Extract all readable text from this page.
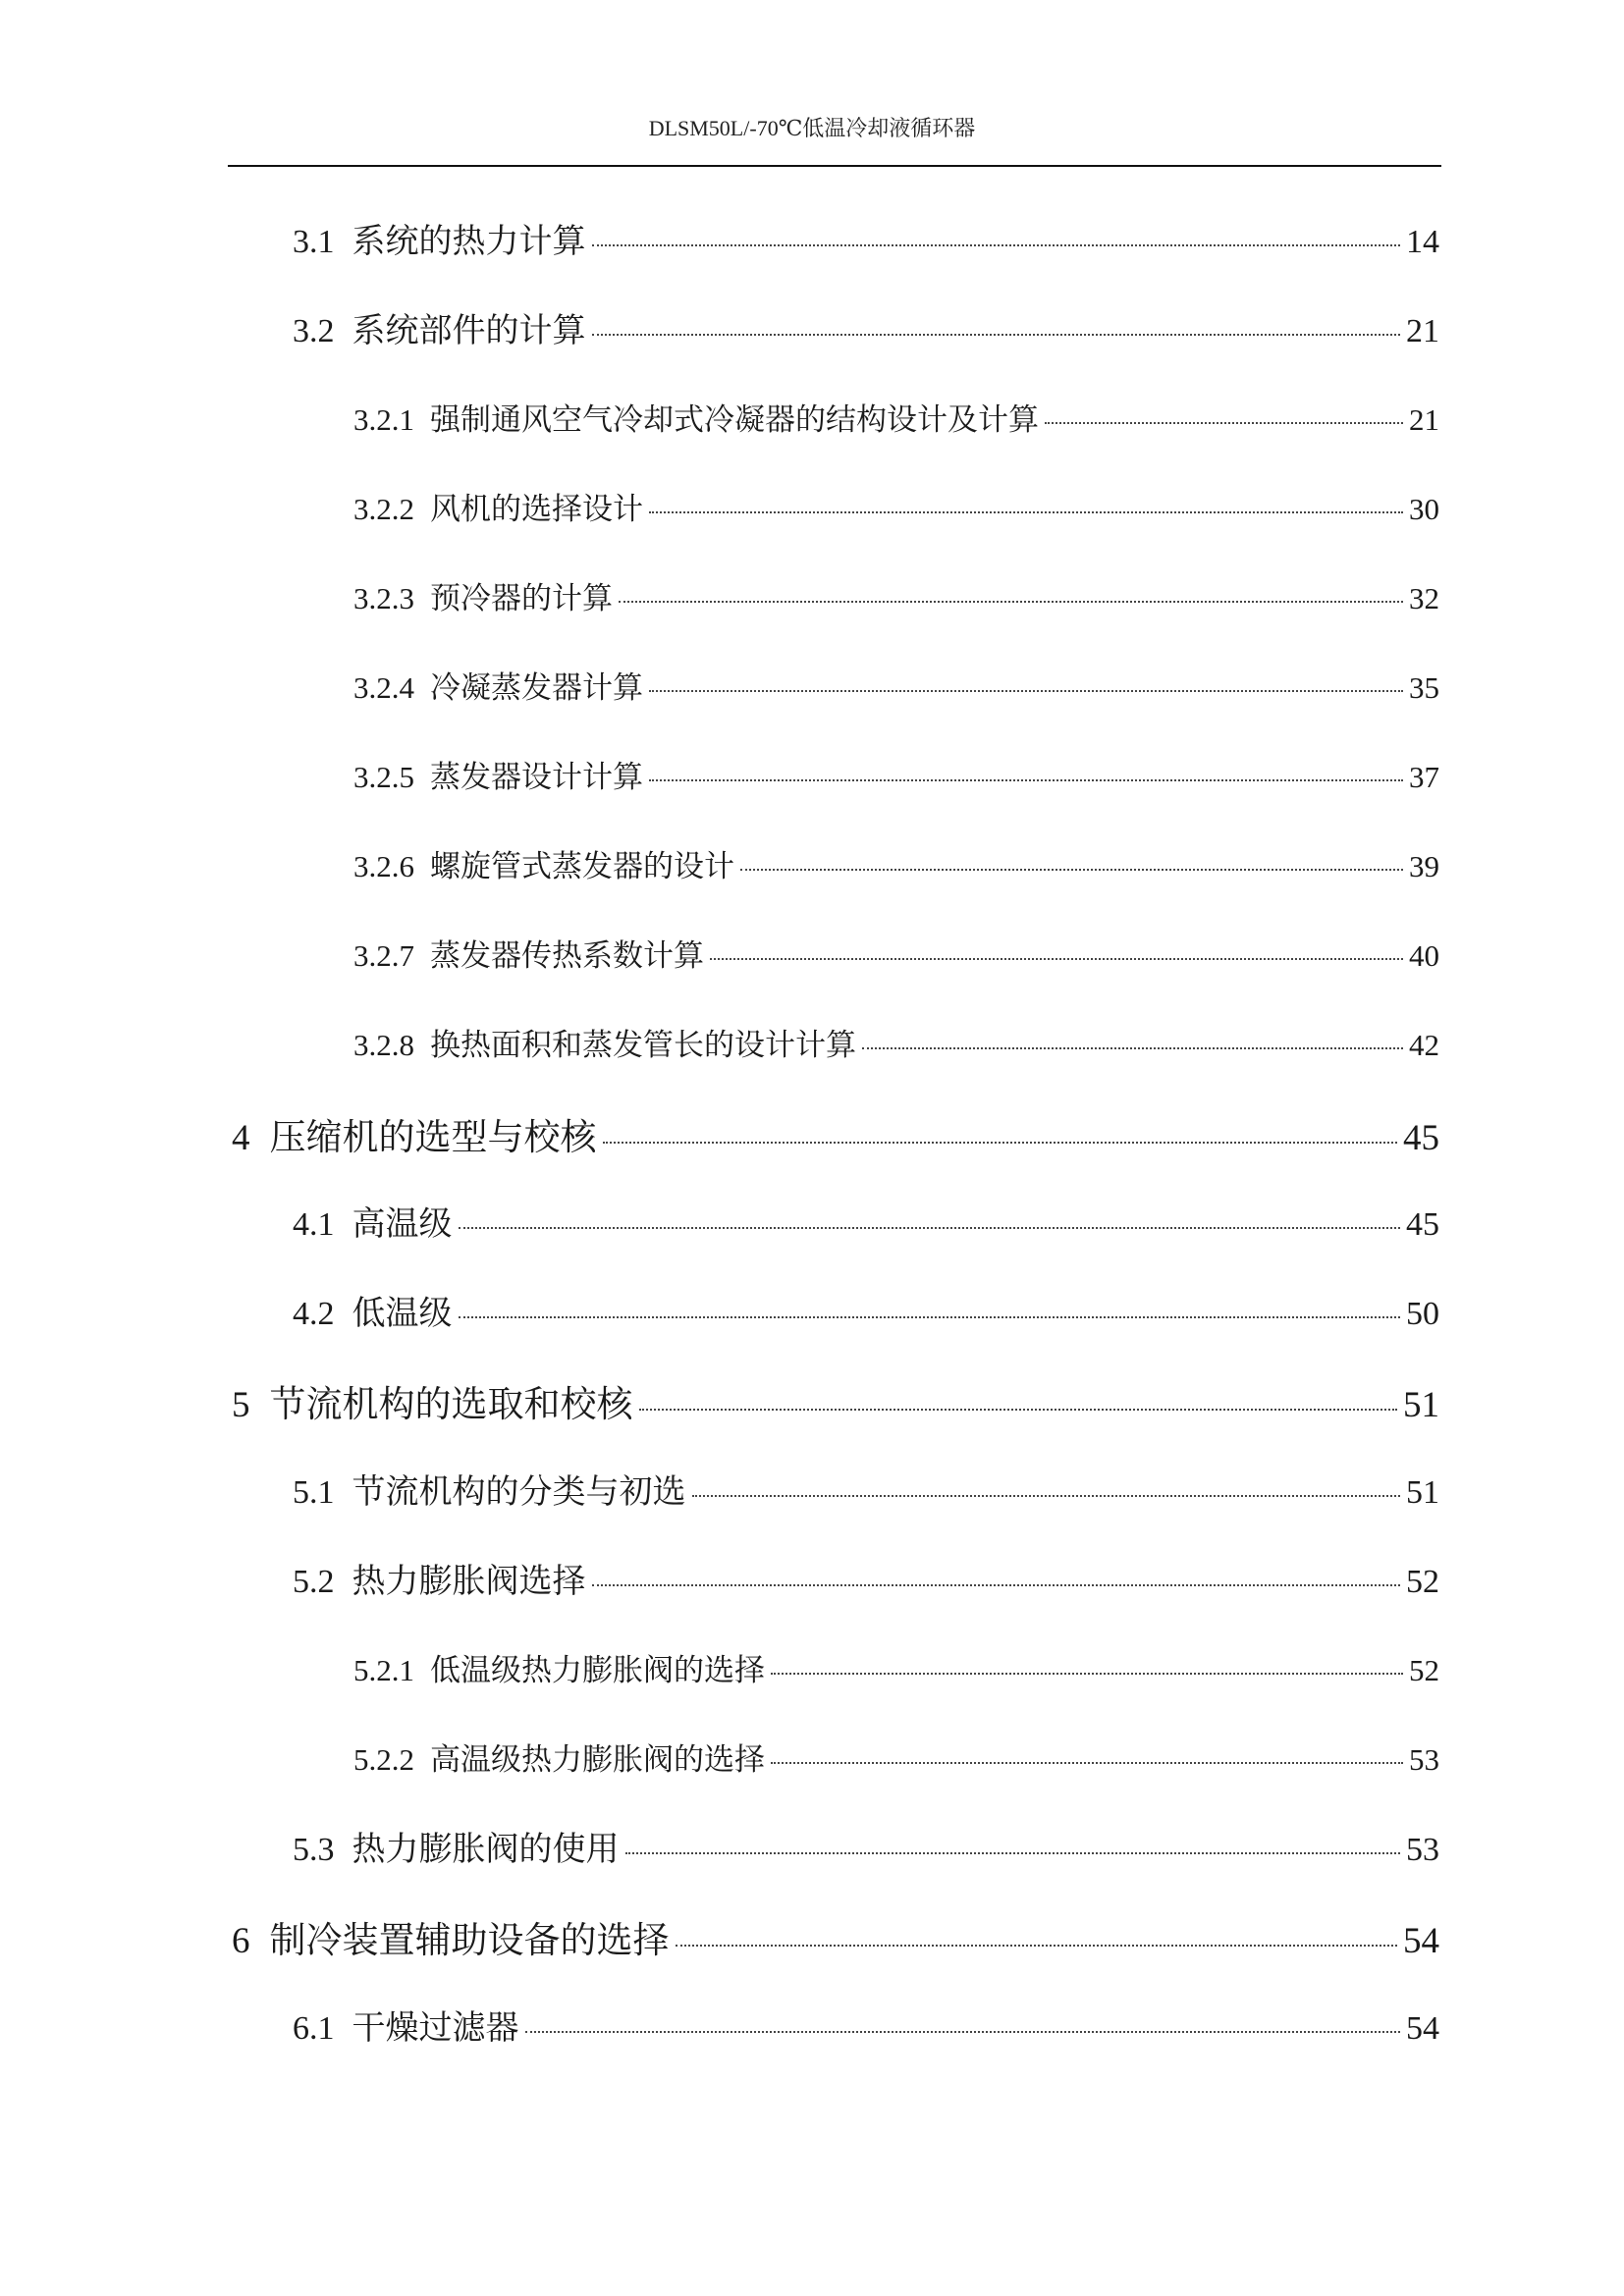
DLSM50L/-70℃低温冷却液循环器
3.1 系统的热力计算	14
3.2 系统部件的计算	21
3.2.1 强制通风空气冷却式冷凝器的结构设计及计算	21
3.2.2 风机的选择设计	30
3.2.3 预冷器的计算	32
3.2.4 冷凝蒸发器计算	35
3.2.5 蒸发器设计计算	37
3.2.6 螺旋管式蒸发器的设计	39
3.2.7 蒸发器传热系数计算	40
3.2.8 换热面积和蒸发管长的设计计算	42
4 压缩机的选型与校核	45
4.1 高温级	45
4.2 低温级	50
5 节流机构的选取和校核	51
5.1 节流机构的分类与初选	51
5.2 热力膨胀阀选择	52
5.2.1 低温级热力膨胀阀的选择	52
5.2.2 高温级热力膨胀阀的选择	53
5.3 热力膨胀阀的使用	53
6 制冷装置辅助设备的选择	54
6.1 干燥过滤器	54
